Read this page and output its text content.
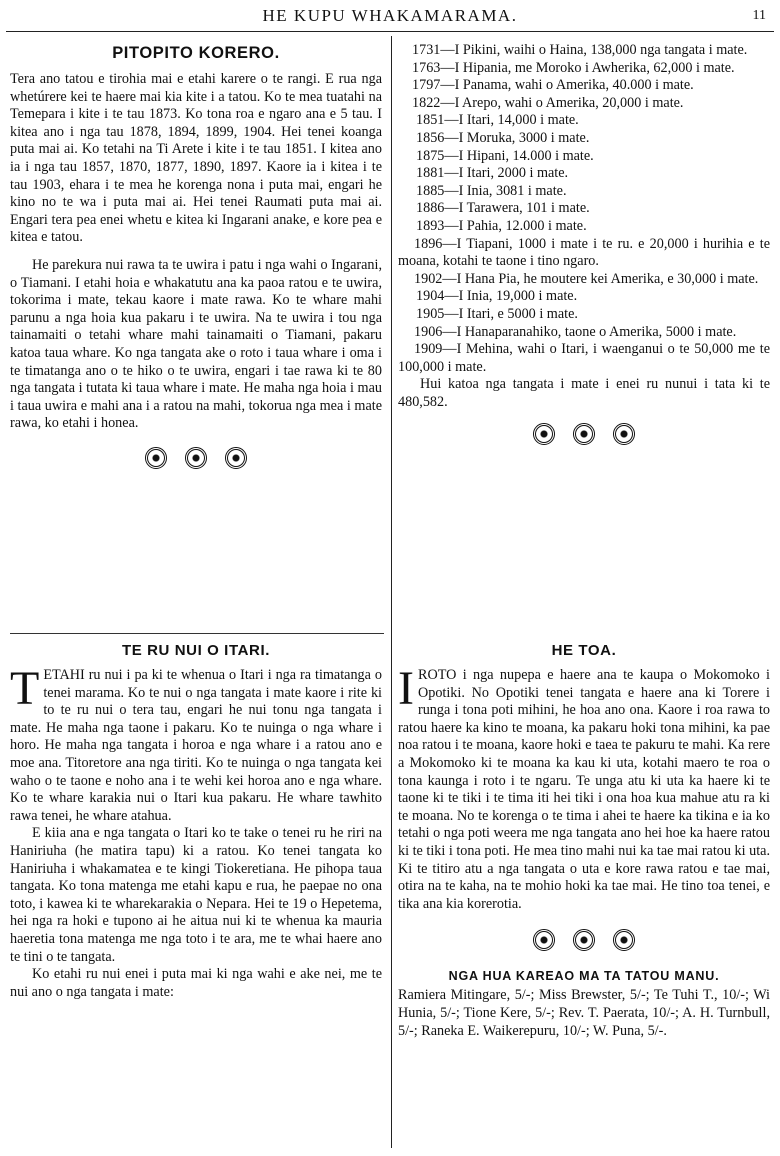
HE KUPU WHAKAMARAMA.	11
PITOPITO KORERO.

Tera ano tatou e tirohia mai e etahi karere o te rangi. E rua nga whetúrere kei te haere mai kia kite i a tatou. Ko te mea tuatahi na Temepara i kite i te tau 1873. Ko tona roa e ngaro ana e 5 tau. I kitea ano i nga tau 1878, 1894, 1899, 1904. Hei tenei koanga puta mai ai. Ko tetahi na Ti Arete i kite i te tau 1851. I kitea ano ia i nga tau 1857, 1870, 1877, 1890, 1897. Kaore ia i kitea i te tau 1903, ehara i te mea he korenga nona i puta mai, engari he kino no te wa i puta mai ai. Hei tenei Raumati puta mai ai. Engari tera pea enei whetu e kitea ki Ingarani anake, e kore pea e kitea e tatou.

He parekura nui rawa ta te uwira i patu i nga wahi o Ingarani, o Tiamani. I etahi hoia e whakatutu ana ka paoa ratou e te uwira, tokorima i mate, tekau kaore i mate rawa. Ko te whare mahi parunu a nga hoia kua pakaru i te uwira. Na te uwira i tou nga tainamaiti o tetahi whare mahi tainamaiti o Tiamani, pakaru katoa taua whare. Ko nga tangata ake o roto i taua whare i oma i te timatanga ano o te hiko o te uwira, engari i tae rawa ki te 80 nga tangata i tutata ki taua whare i mate. He maha nga hoia i mau i taua uwira e mahi ana i a ratou na mahi, tokorua nga mea i mate rawa, ko etahi i honea.

1731—I Pikini, waihi o Haina, 138,000 nga tangata i mate.

1763—I Hipania, me Moroko i Awherika, 62,000 i mate.

1797—I Panama, wahi o Amerika, 40.000 i mate.

1822—I Arepo, wahi o Amerika, 20,000 i mate.

1851—I Itari, 14,000 i mate.

1856—I Moruka, 3000 i mate.

1875—I Hipani, 14.000 i mate.

1881—I Itari, 2000 i mate.

1885—I Inia, 3081 i mate.

1886—I Tarawera, 101 i mate.

1893—I Pahia, 12.000 i mate.

1896—I Tiapani, 1000 i mate i te ru. e 20,000 i hurihia e te moana, kotahi te taone i tino ngaro.

1902—I Hana Pia, he moutere kei Amerika, e 30,000 i mate.

1904—I Inia, 19,000 i mate.

1905—I Itari, e 5000 i mate.

1906—I Hanaparanahiko, taone o Amerika, 5000 i mate.

1909—I Mehina, wahi o Itari, i waenganui o te 50,000 me te 100,000 i mate.

Hui katoa nga tangata i mate i enei ru nunui i tata ki te 480,582.

TE RU NUI O ITARI.

TETAHI ru nui i pa ki te whenua o Itari i nga ra timatanga o tenei marama. Ko te nui o nga tangata i mate kaore i rite ki to te ru nui o tera tau, engari he nui tonu nga tangata i mate. He maha nga taone i pakaru. Ko te nuinga o nga whare i horo. He maha nga tangata i horoa e nga whare i a ratou ano e moe ana. Titoretore ana nga tiriti. Ko te nuinga o nga tangata kei waho o te taone e noho ana i te wehi kei horoa ano e nga whare. Ko te whare karakia nui o Itari kua pakaru. He whare tawhito rawa tenei, he whare atahua.

E kiia ana e nga tangata o Itari ko te take o tenei ru he riri na Haniriuha (he matira tapu) ki a ratou. Ko tenei tangata ko Haniriuha i whakamatea e te kingi Tiokeretiana. He pihopa taua tangata. Ko tona matenga me etahi kapu e rua, he paepae no ona toto, i kawea ki te wharekarakia o Nepara. Hei te 19 o Hepetema, hei nga ra hoki e tupono ai he aitua nui ki te whenua ka mauria haeretia tona matenga me nga toto i te ara, me te whai haere ano te tini o te tangata.

Ko etahi ru nui enei i puta mai ki nga wahi e ake nei, me te nui ano o nga tangata i mate:

HE TOA.

IROTO i nga nupepa e haere ana te kaupa o Mokomoko i Opotiki. No Opotiki tenei tangata e haere ana ki Torere i runga i tona poti mihini, he hoa ano ona. Kaore i roa rawa to ratou haere ka kino te moana, ka pakaru hoki tona mihini, ka pae noa ratou i te moana, kaore hoki e taea te pakuru te mahi. Ka rere a Mokomoko ki te moana ka kau ki uta, kotahi maero te roa o tona kaunga i roto i te ngaru. Te unga atu ki uta ka haere ki te taone ki te tiki i te tima iti hei tiki i ona hoa kua mahue atu ra ki te moana. No te korenga o te tima i ahei te haere ka tikina e ia ko tetahi o nga poti weera me nga tangata ano hei hoe ka haere ratou ki te tiki i tona poti. He mea tino mahi nui ka tae mai ratou ki uta. Ki te titiro atu a nga tangata o uta e kore rawa ratou e tae mai, otira na te kaha, na te mohio hoki ka tae mai. He tino toa tenei, e tika ana kia korerotia.

NGA HUA KAREAO MA TA TATOU MANU.

Ramiera Mitingare, 5/-; Miss Brewster, 5/-; Te Tuhi T., 10/-; Wi Hunia, 5/-; Tione Kere, 5/-; Rev. T. Paerata, 10/-; A. H. Turnbull, 5/-; Raneka E. Waikerepuru, 10/-; W. Puna, 5/-.
